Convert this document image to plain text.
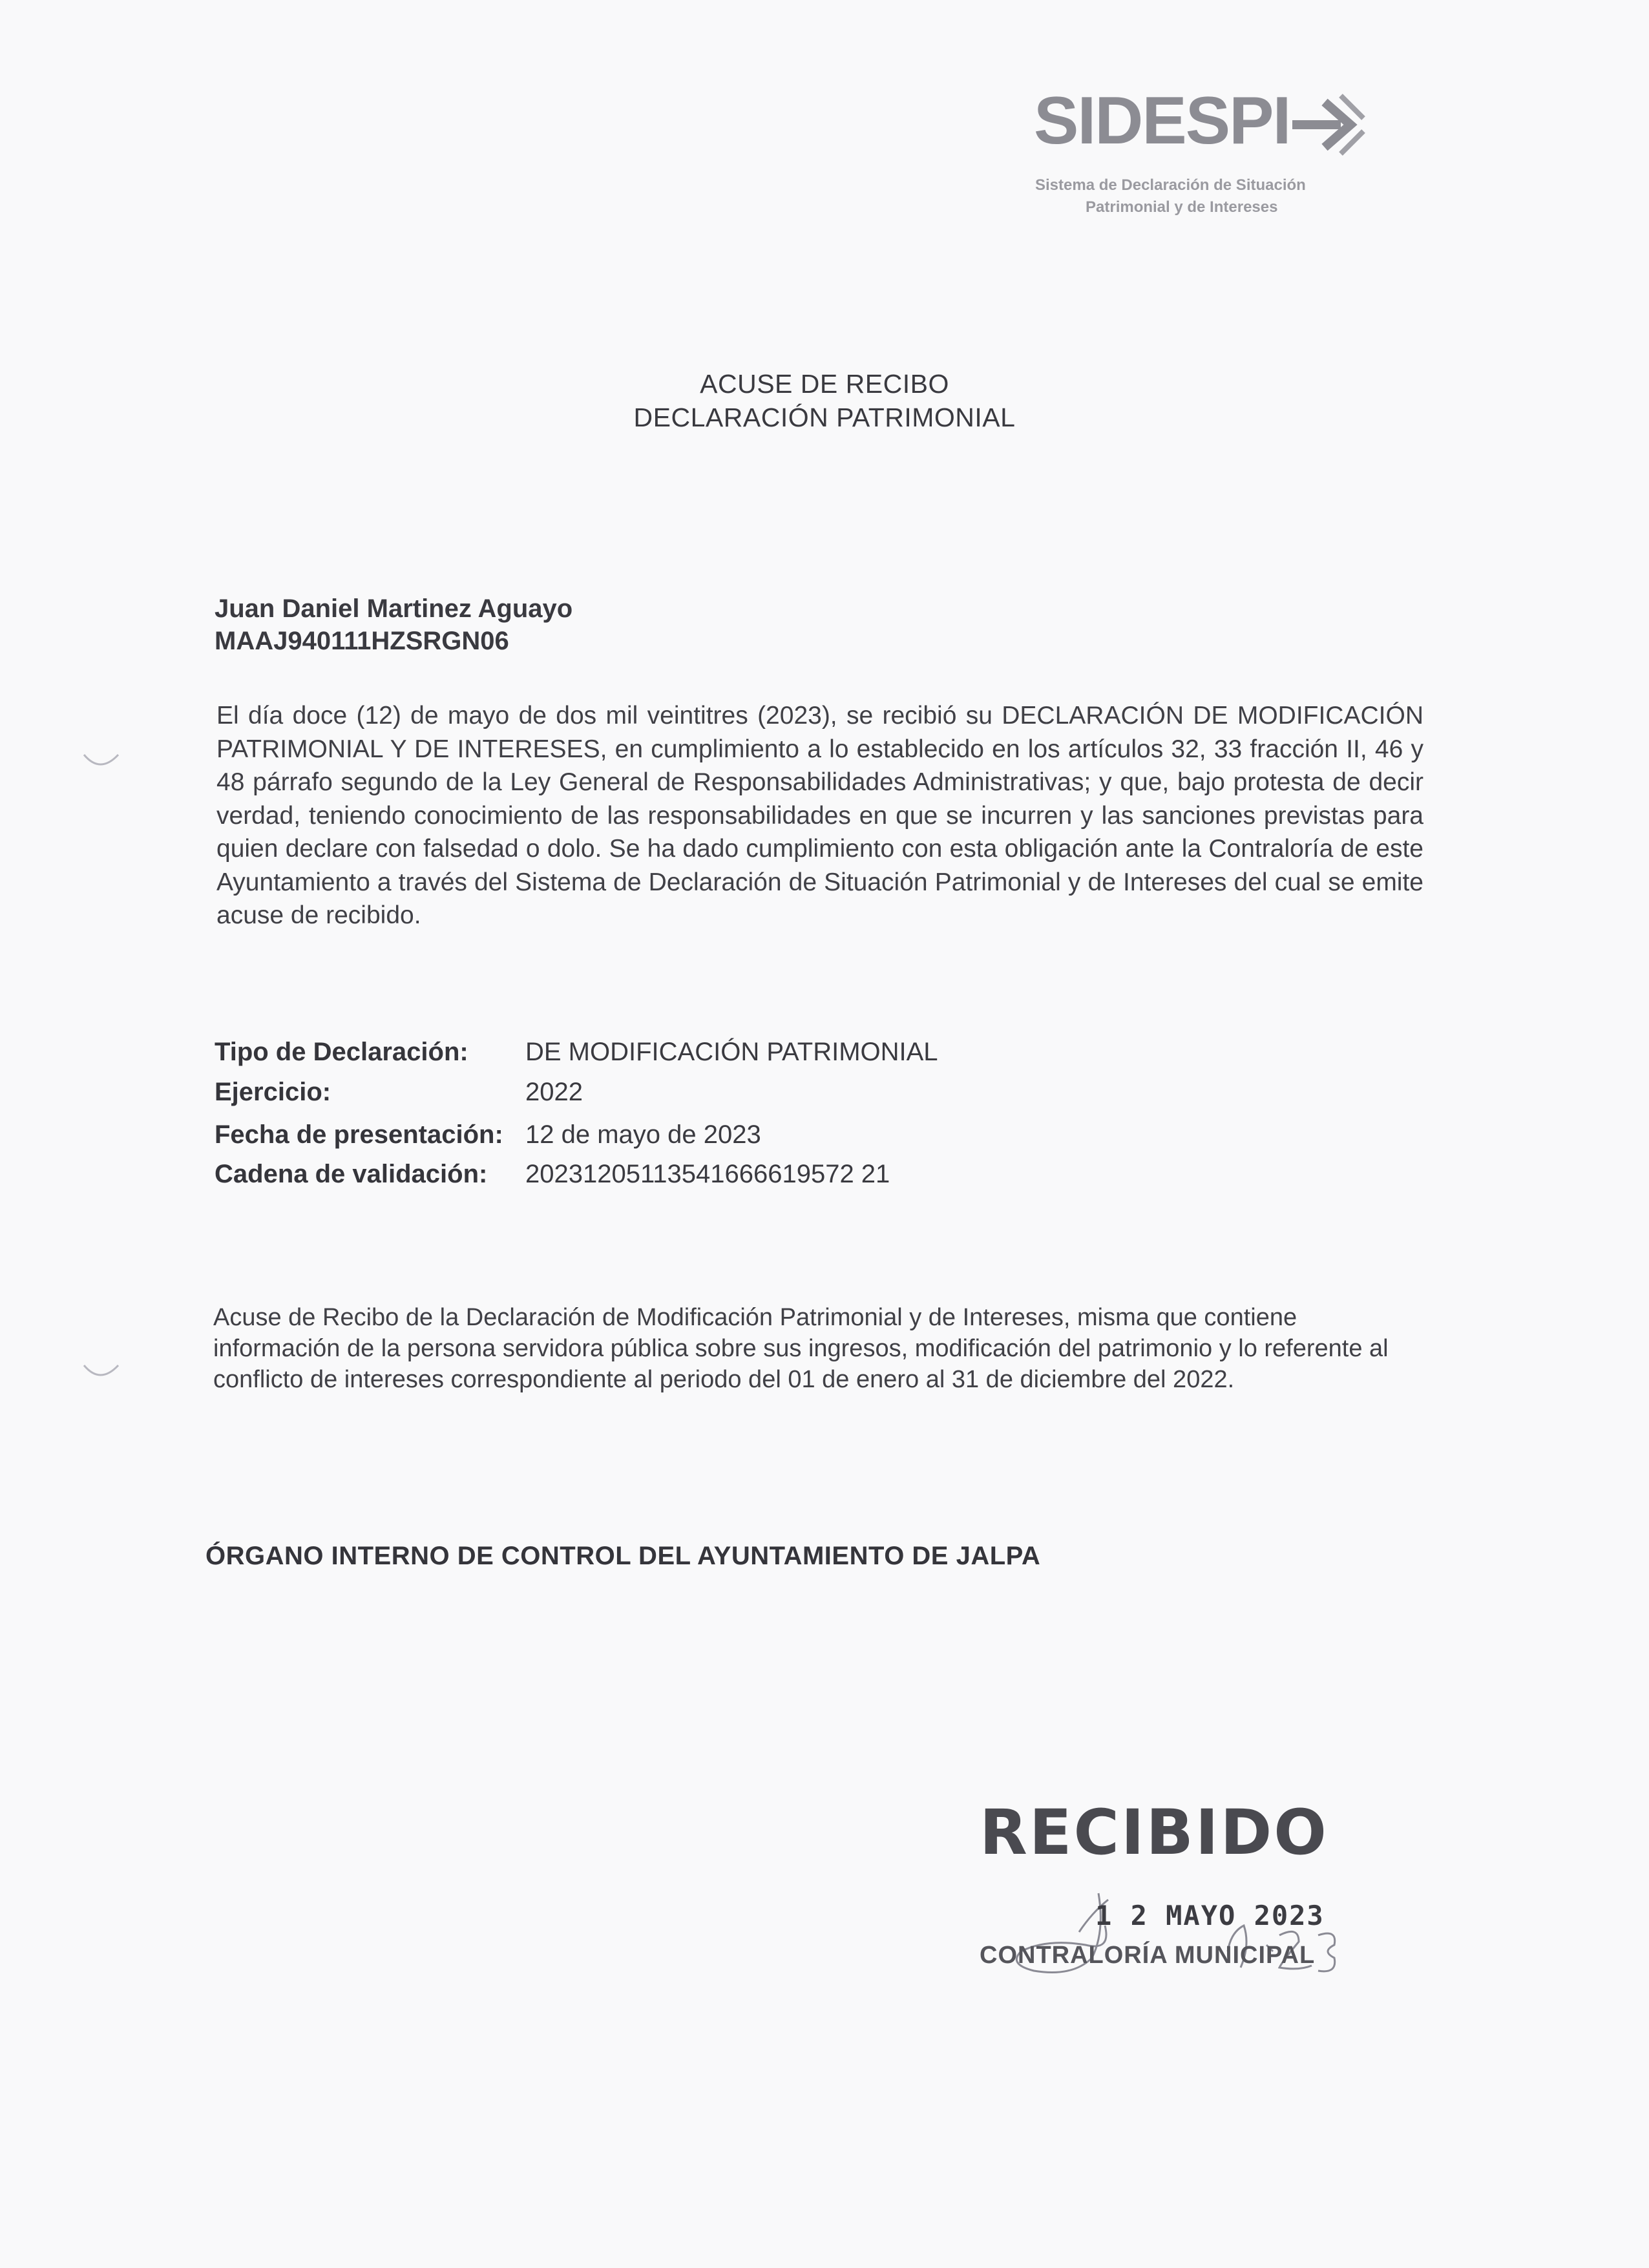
SIDESPI
Sistema de Declaración de Situación
Patrimonial y de Intereses
ACUSE DE RECIBO
DECLARACIÓN PATRIMONIAL
Juan Daniel Martinez Aguayo
MAAJ940111HZSRGN06
El día doce (12) de mayo de dos mil veintitres (2023), se recibió su DECLARACIÓN DE MODIFICACIÓN PATRIMONIAL Y DE INTERESES, en cumplimiento a lo establecido en los artículos 32, 33 fracción II, 46 y 48 párrafo segundo de la Ley General de Responsabilidades Administrativas; y que, bajo protesta de decir verdad, teniendo conocimiento de las responsabilidades en que se incurren y las sanciones previstas para quien declare con falsedad o dolo. Se ha dado cumplimiento con esta obligación ante la Contraloría de este Ayuntamiento a través del Sistema de Declaración de Situación Patrimonial y de Intereses del cual se emite acuse de recibido.
Tipo de Declaración: DE MODIFICACIÓN PATRIMONIAL
Ejercicio:	2022
Fecha de presentación: 12 de mayo de 2023
Cadena de validación: 20231205113541666619572 21
Acuse de Recibo de la Declaración de Modificación Patrimonial y de Intereses, misma que contiene información de la persona servidora pública sobre sus ingresos, modificación del patrimonio y lo referente al conflicto de intereses correspondiente al periodo del 01 de enero al 31 de diciembre del 2022.
ÓRGANO INTERNO DE CONTROL DEL AYUNTAMIENTO DE JALPA
RECIBIDO
1 2 MAYO 2023
CONTRALORÍA MUNICIPAL
